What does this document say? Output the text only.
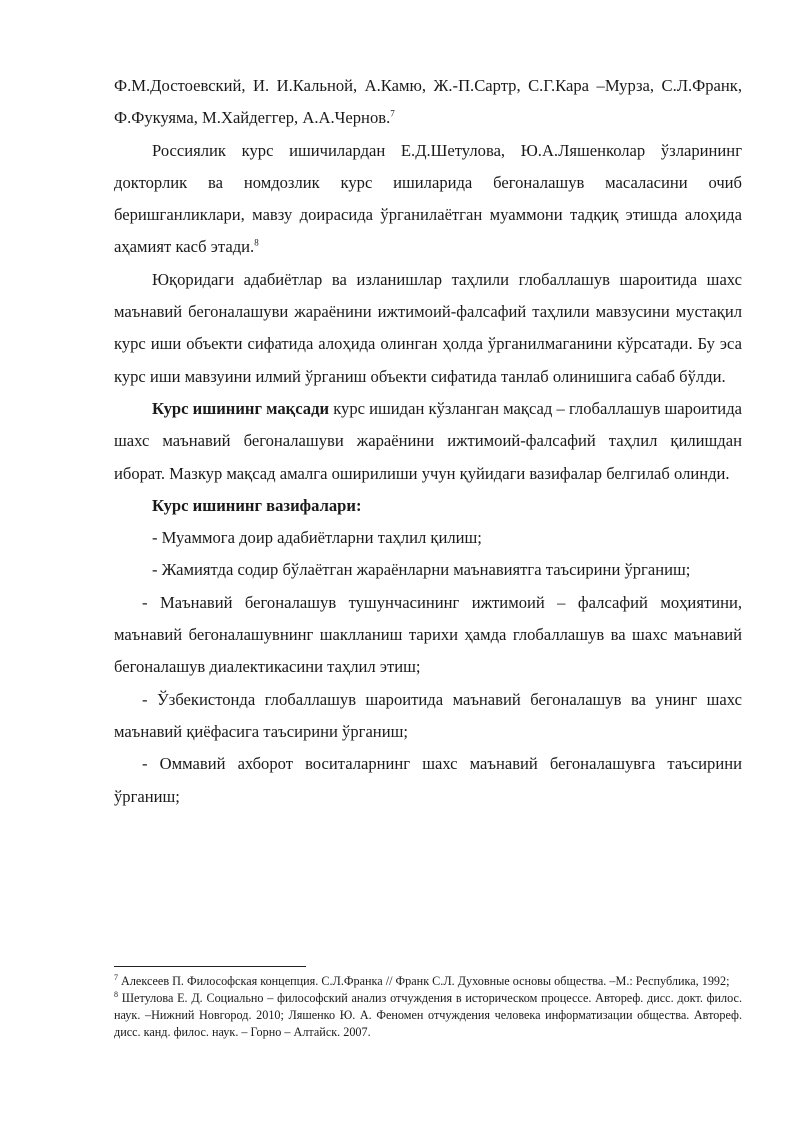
Ф.М.Достоевский, И. И.Кальной, А.Камю, Ж.-П.Сартр, С.Г.Кара –Мурза, С.Л.Франк, Ф.Фукуяма, М.Хайдеггер, А.А.Чернов.$^7$

Россиялик курс ишичилардан Е.Д.Шетулова, Ю.А.Ляшенколар ўзларининг докторлик ва номдозлик курс ишиларида бегоналашув масаласини очиб беришганликлари, мавзу доирасида ўрганилаётган муаммони тадқиқ этишда алоҳида аҳамият касб этади.$^8$

Юқоридаги адабиётлар ва изланишлар таҳлили глобаллашув шароитида шахс маънавий бегоналашуви жараёнини ижтимоий-фалсафий таҳлили мавзусини мустақил курс иши объекти сифатида алоҳида олинган ҳолда ўрганилмаганини кўрсатади. Бу эса курс иши мавзуини илмий ўрганиш объекти сифатида танлаб олинишига сабаб бўлди.

Курс ишининг мақсади курс ишидан кўзланган мақсад – глобаллашув шароитида шахс маънавий бегоналашуви жараёнини ижтимоий-фалсафий таҳлил қилишдан иборат. Мазкур мақсад амалга оширилиши учун қуйидаги вазифалар белгилаб олинди.

Курс ишининг вазифалари:

- Муаммога доир адабиётларни таҳлил қилиш;

- Жамиятда содир бўлаётган жараёнларни маънавиятга таъсирини ўрганиш;

- Маънавий бегоналашув тушунчасининг ижтимоий – фалсафий моҳиятини, маънавий бегоналашувнинг шаклланиш тарихи ҳамда глобаллашув ва шахс маънавий бегоналашув диалектикасини таҳлил этиш;

- Ўзбекистонда глобаллашув шароитида маънавий бегоналашув ва унинг шахс маънавий қиёфасига таъсирини ўрганиш;

- Оммавий ахборот воситаларнинг шахс маънавий бегоналашувга таъсирини ўрганиш;

$^7$ Алексеев П. Философская концепция. С.Л.Франка // Франк С.Л. Духовные основы общества. –М.: Республика, 1992;

$^8$ Шетулова Е. Д. Социально – философский анализ отчуждения в историческом процессе. Автореф. дисс. докт. филос. наук. –Нижний Новгород. 2010; Ляшенко Ю. А. Феномен отчуждения человека информатизации общества. Автореф. дисс. канд. филос. наук. – Горно – Алтайск. 2007.
